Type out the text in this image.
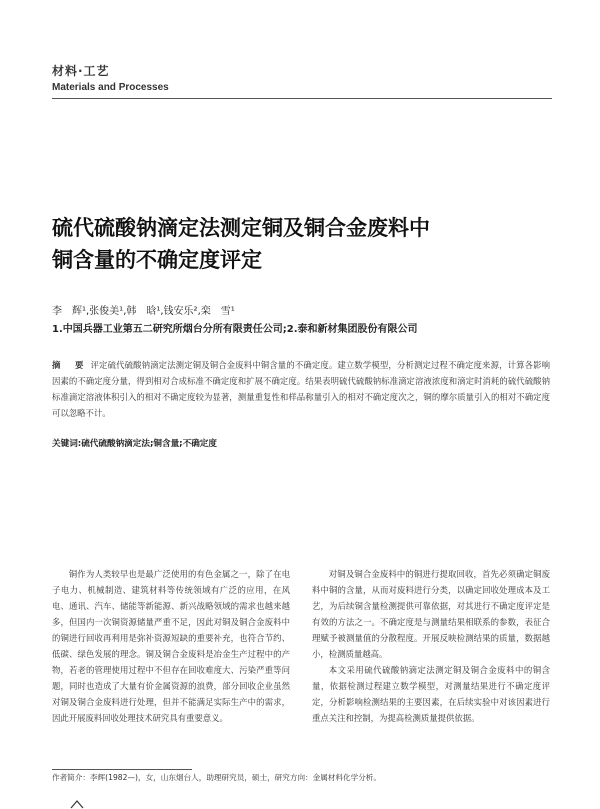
材料·工艺
Materials and Processes
硫代硫酸钠滴定法测定铜及铜合金废料中
铜含量的不确定度评定
李　辉¹,张俊美¹,韩　晗¹,钱安乐²,栾　雪¹
1.中国兵器工业第五二研究所烟台分所有限责任公司;2.泰和新材集团股份有限公司
摘　要 评定硫代硫酸钠滴定法测定铜及铜合金废料中铜含量的不确定度。建立数学模型，分析测定过程不确定度来源，计算各影响因素的不确定度分量，得到相对合成标准不确定度和扩展不确定度。结果表明硫代硫酸钠标准滴定溶液浓度和滴定时消耗的硫代硫酸钠标准滴定溶液体积引入的相对不确定度较为显著，测量重复性和样品称量引入的相对不确定度次之，铜的摩尔质量引入的相对不确定度可以忽略不计。
关键词:硫代硫酸钠滴定法;铜含量;不确定度

铜作为人类较早也是最广泛使用的有色金属之一，除了在电子电力、机械制造、建筑材料等传统领域有广泛的应用，在风电、通讯、汽车、储能等新能源、新兴战略领域的需求也越来越多，但国内一次铜资源储量严重不足，因此对铜及铜合金废料中的铜进行回收再利用是弥补资源短缺的重要补充，也符合节约、低碳、绿色发展的理念。铜及铜合金废料是冶金生产过程中的产物，若老的管理使用过程中不但存在回收难度大、污染严重等问题，同时也造成了大量有价金属资源的浪费，部分回收企业虽然对铜及铜合金废料进行处理，但并不能满足实际生产中的需求，因此开展废料回收处理技术研究具有重要意义。

对铜及铜合金废料中的铜进行提取回收，首先必须确定铜废料中铜的含量，从而对废料进行分类，以确定回收处理成本及工艺，为后续铜含量检测提供可靠依据，对其进行不确定度评定是有效的方法之一。不确定度是与测量结果相联系的参数，表征合理赋予被测量值的分散程度。开展反映检测结果的质量，数据越小，检测质量越高。

本文采用硫代硫酸钠滴定法测定铜及铜合金废料中的铜含量，依据检测过程建立数学模型，对测量结果进行不确定度评定，分析影响检测结果的主要因素，在后续实验中对该因素进行重点关注和控制，为提高检测质量提供依据。

作者简介：李辉(1982—)，女，山东烟台人，助理研究员，硕士，研究方向：金属材料化学分析。
